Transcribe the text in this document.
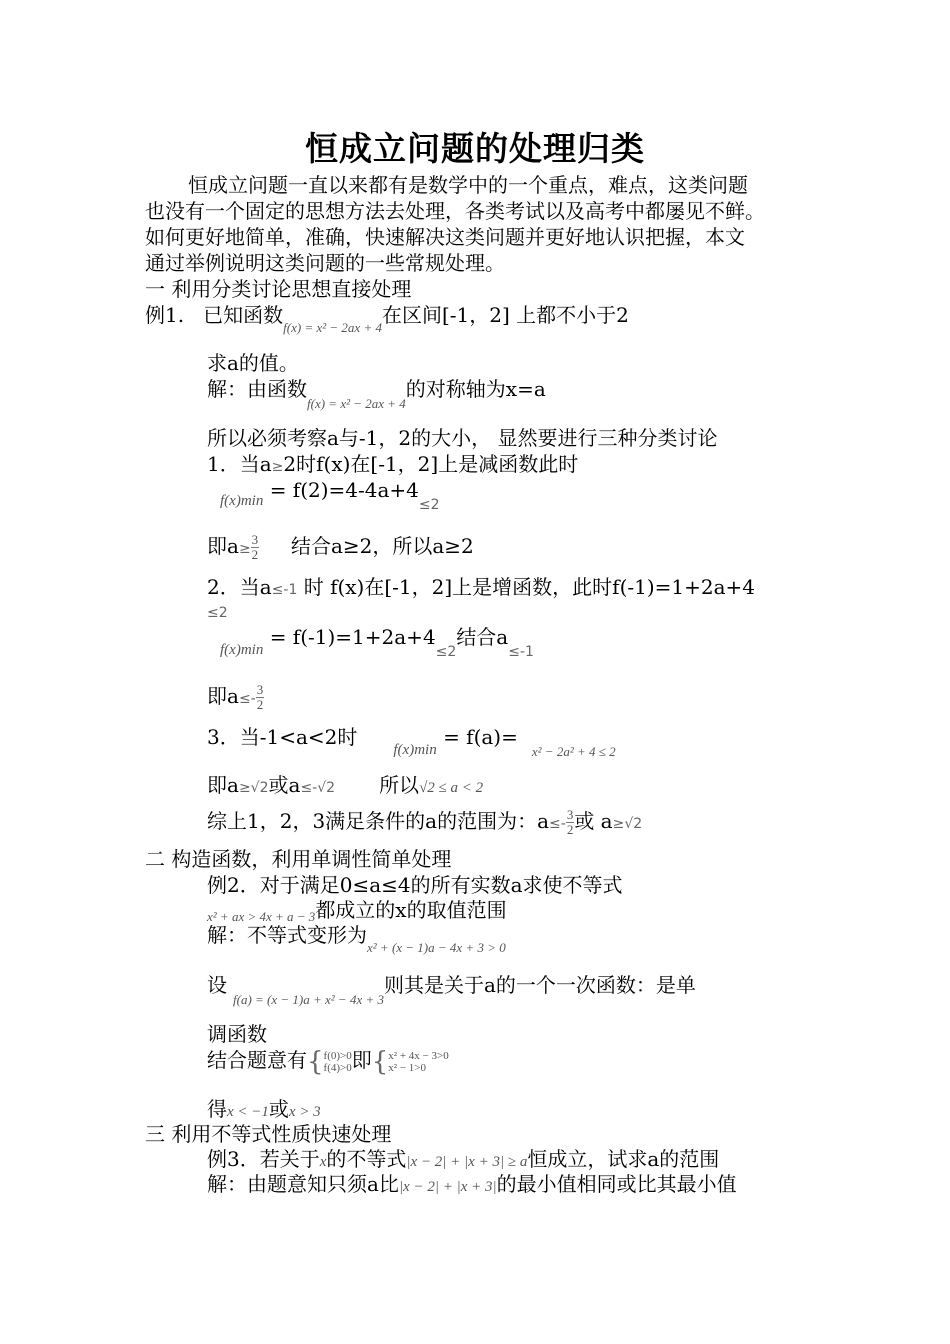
恒成立问题的处理归类
恒成立问题一直以来都有是数学中的一个重点，难点，这类问题
也没有一个固定的思想方法去处理，各类考试以及高考中都屡见不鲜。
如何更好地简单，准确，快速解决这类问题并更好地认识把握，本文
通过举例说明这类问题的一些常规处理。
一 利用分类讨论思想直接处理
例1. 已知函数$_{f(x) = x^2 - 2ax + 4}$在区间[-1，2] 上都不小于2
求a的值。
解：由函数$_{f(x) = x^2 - 2ax + 4}$的对称轴为x=a
所以必须考察a与-1，2的大小， 显然要进行三种分类讨论
1．当a≥2时f(x)在[-1，2]上是减函数此时
$_{f(x)min} = f(2)=4-4a+4_{\le 2}$
即$a\ge \frac{3}{2}$ 结合a≥2，所以a≥2
2．当a≤-1 时 f(x)在[-1，2]上是增函数，此时f(-1)=1+2a+4
≤2
$_{f(x)min} = f(-1)=1+2a+4_{\le 2}$结合$a_{\le-1}$
即$a\le- \frac{3}{2}$
3．当-1<a<2时$_{f(x)min} = f(a)=_{x^2 - 2a^2 + 4 \le 2}$
即a≥√2或a≤-√2 所以√2 ≤ a < 2
综上1，2，3满足条件的a的范围为：$a\le- \frac{3}{2}$ 或 a≥√2
二 构造函数，利用单调性简单处理
例2．对于满足0≤a≤4的所有实数a求使不等式
$_{x^2 + ax > 4x + a - 3}$都成立的x的取值范围
解：不等式变形为$_{x^2 + (x - 1)a - 4x + 3 > 0}$
设$_{f(a) = (x - 1)a + x^2 - 4x + 3}$则其是关于a的一个一次函数：是单
调函数
结合题意有{ f(0)>0
f(4)>0 即{ x² + 4x − 3>0
x² − 1>0
得x < −1或x > 3
三 利用不等式性质快速处理
例3．若关于x的不等式|x − 2| + |x + 3| ≥ a恒成立，试求a的范围
解：由题意知只须a比|x − 2| + |x + 3|的最小值相同或比其最小值
